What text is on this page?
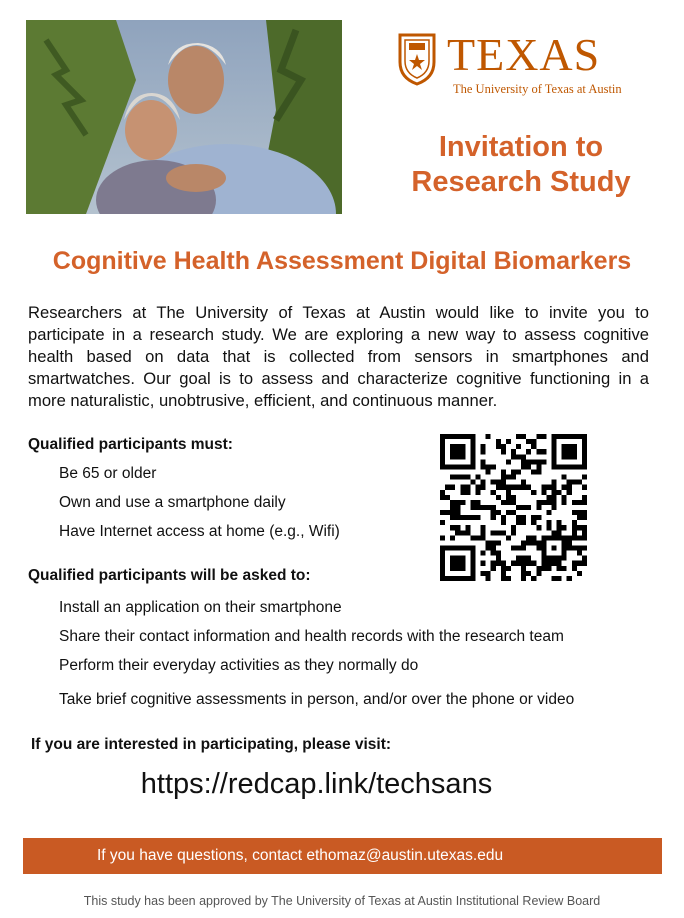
TEXAS
The University of Texas at Austin
Invitation to
Research Study
Cognitive Health Assessment Digital Biomarkers
Researchers at The University of Texas at Austin would like to invite you to participate in a research study. We are exploring a new way to assess cognitive health based on data that is collected from sensors in smartphones and smartwatches. Our goal is to assess and characterize cognitive functioning in a more naturalistic, unobtrusive, efficient, and continuous manner.
Qualified participants must:
Be 65 or older
Own and use a smartphone daily
Have Internet access at home (e.g., Wifi)
Qualified participants will be asked to:
Install an application on their smartphone
Share their contact information and health records with the research team
Perform their everyday activities as they normally do
Take brief cognitive assessments in person, and/or over the phone or video
If you are interested in participating, please visit:
https://redcap.link/techsans
If you have questions, contact ethomaz@austin.utexas.edu
This study has been approved by The University of Texas at Austin Institutional Review Board
